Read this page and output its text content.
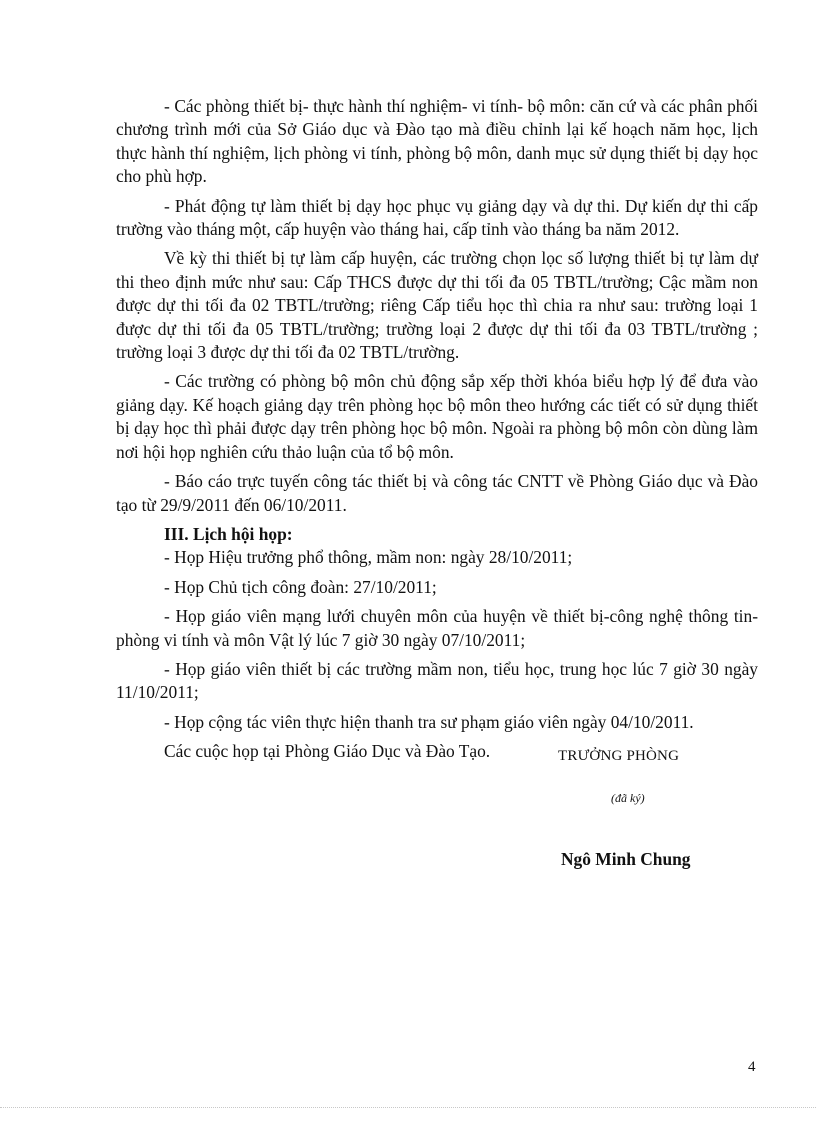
- Các phòng thiết bị- thực hành thí nghiệm- vi tính- bộ môn: căn cứ và các phân phối chương trình mới của Sở Giáo dục và Đào tạo mà điều chỉnh lại kế hoạch năm học, lịch thực hành thí nghiệm, lịch phòng vi tính, phòng bộ môn, danh mục sử dụng thiết bị dạy học cho phù hợp.

- Phát động tự làm thiết bị dạy học phục vụ giảng dạy và dự thi. Dự kiến dự thi cấp trường vào tháng một, cấp huyện vào tháng hai, cấp tỉnh vào tháng ba năm 2012.

Về kỳ thi thiết bị tự làm cấp huyện, các trường chọn lọc số lượng thiết bị tự làm dự thi theo định mức như sau: Cấp THCS được dự thi tối đa 05 TBTL/trường; Cậc mầm non được dự thi tối đa 02 TBTL/trường; riêng Cấp tiểu học thì chia ra như sau: trường loại 1 được dự thi tối đa 05 TBTL/trường; trường loại 2 được dự thi tối đa 03 TBTL/trường ; trường loại 3 được dự thi tối đa 02 TBTL/trường.

- Các trường có phòng bộ môn chủ động sắp xếp thời khóa biểu hợp lý để đưa vào giảng dạy. Kế hoạch giảng dạy trên phòng học bộ môn theo hướng các tiết có sử dụng thiết bị dạy học thì phải được dạy trên phòng học bộ môn. Ngoài ra phòng bộ môn còn dùng làm nơi hội họp nghiên cứu thảo luận của tổ bộ môn.

- Báo cáo trực tuyến công tác thiết bị và công tác CNTT về Phòng Giáo dục và Đào tạo từ 29/9/2011 đến 06/10/2011.

III. Lịch hội họp:

- Họp Hiệu trưởng phổ thông, mầm non: ngày 28/10/2011;

- Họp Chủ tịch công đoàn: 27/10/2011;

- Họp giáo viên mạng lưới chuyên môn của huyện về thiết bị-công nghệ thông tin- phòng vi tính và môn Vật lý lúc 7 giờ 30 ngày 07/10/2011;

- Họp giáo viên thiết bị các trường mầm non, tiểu học, trung học lúc 7 giờ 30 ngày 11/10/2011;

- Họp cộng tác viên thực hiện thanh tra sư phạm giáo viên ngày 04/10/2011.

Các cuộc họp tại Phòng Giáo Dục và Đào Tạo.	TRƯỞNG PHÒNG
(đã ký)
Ngô Minh Chung
4
